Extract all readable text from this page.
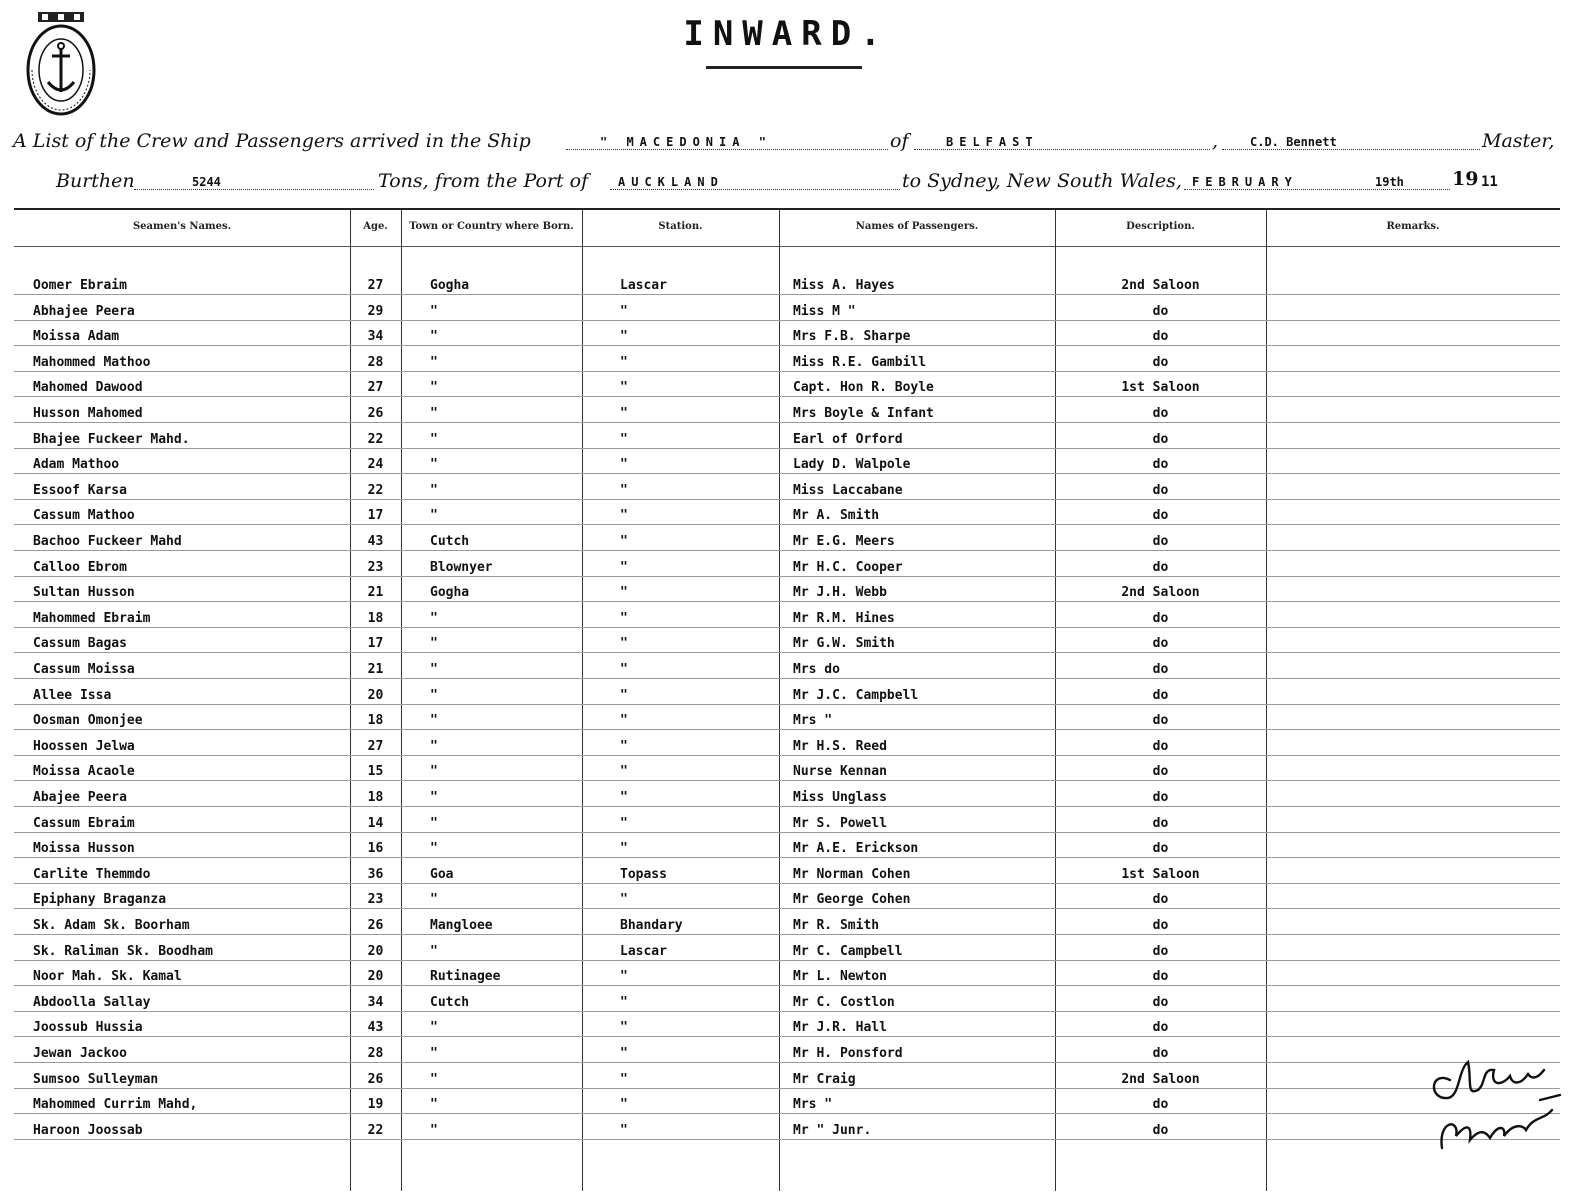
INWARD.
A List of the Crew and Passengers arrived in the Ship	" MACEDONIA "	of	BELFAST	,	C.D. Bennett	Master,
Burthen	5244	Tons, from the Port of AUCKLAND	to Sydney, New South Wales, FEBRUARY	19th	19 11
Seamen's Names.	Age.	Town or Country where Born.	Station.	Names of Passengers.	Description.	Remarks.
Oomer Ebraim	27	Gogha	Lascar	Miss A. Hayes	2nd Saloon
Abhajee Peera	29	"	"	Miss M "	do
Moissa Adam	34	"	"	Mrs F.B. Sharpe	do
Mahommed Mathoo	28	"	"	Miss R.E. Gambill	do
Mahomed Dawood	27	"	"	Capt. Hon R. Boyle	1st Saloon
Husson Mahomed	26	"	"	Mrs Boyle & Infant	do
Bhajee Fuckeer Mahd.	22	"	"	Earl of Orford	do
Adam Mathoo	24	"	"	Lady D. Walpole	do
Essoof Karsa	22	"	"	Miss Laccabane	do
Cassum Mathoo	17	"	"	Mr A. Smith	do
Bachoo Fuckeer Mahd	43	Cutch	"	Mr E.G. Meers	do
Calloo Ebrom	23	Blownyer	"	Mr H.C. Cooper	do
Sultan Husson	21	Gogha	"	Mr J.H. Webb	2nd Saloon
Mahommed Ebraim	18	"	"	Mr R.M. Hines	do
Cassum Bagas	17	"	"	Mr G.W. Smith	do
Cassum Moissa	21	"	"	Mrs do	do
Allee Issa	20	"	"	Mr J.C. Campbell	do
Oosman Omonjee	18	"	"	Mrs "	do
Hoossen Jelwa	27	"	"	Mr H.S. Reed	do
Moissa Acaole	15	"	"	Nurse Kennan	do
Abajee Peera	18	"	"	Miss Unglass	do
Cassum Ebraim	14	"	"	Mr S. Powell	do
Moissa Husson	16	"	"	Mr A.E. Erickson	do
Carlite Themmdo	36	Goa	Topass	Mr Norman Cohen	1st Saloon
Epiphany Braganza	23	"	"	Mr George Cohen	do
Sk. Adam Sk. Boorham	26	Mangloee	Bhandary	Mr R. Smith	do
Sk. Raliman Sk. Boodham	20	"	Lascar	Mr C. Campbell	do
Noor Mah. Sk. Kamal	20	Rutinagee	"	Mr L. Newton	do
Abdoolla Sallay	34	Cutch	"	Mr C. Costlon	do
Joossub Hussia	43	"	"	Mr J.R. Hall	do
Jewan Jackoo	28	"	"	Mr H. Ponsford	do
Sumsoo Sulleyman	26	"	"	Mr Craig	2nd Saloon
Mahommed Currim Mahd,	19	"	"	Mrs "	do
Haroon Joossab	22	"	"	Mr " Junr.	do
